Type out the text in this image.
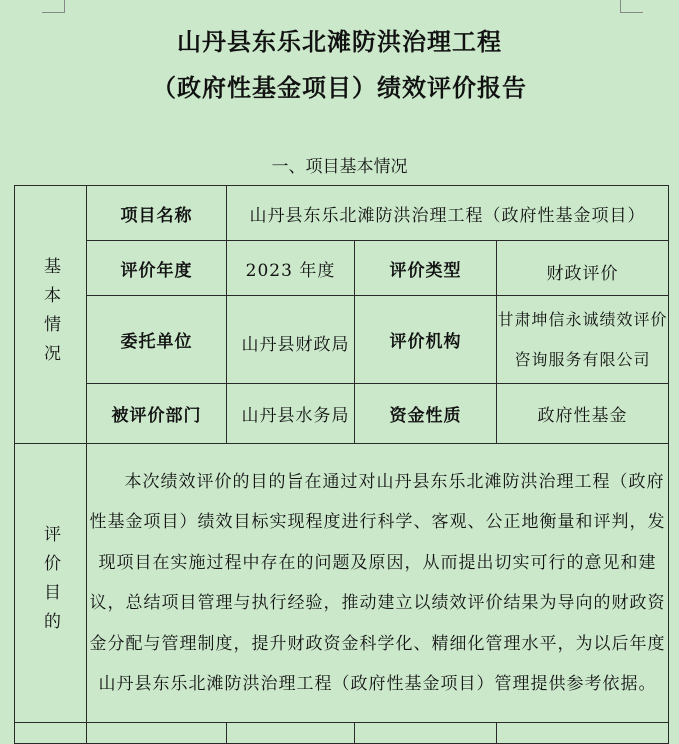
山丹县东乐北滩防洪治理工程
（政府性基金项目）绩效评价报告
一、项目基本情况
基本情况	项目名称	山丹县东乐北滩防洪治理工程（政府性基金项目）		
	评价年度	2023 年度	评价类型	财政评价
	委托单位	山丹县财政局	评价机构	甘肃坤信永诚绩效评价咨询服务有限公司

	被评价部门	山丹县水务局	资金性质	政府性基金
评价目的	本次绩效评价的目的旨在通过对山丹县东乐北滩防洪治理工程（政府性基金项目）绩效目标实现程度进行科学、客观、公正地衡量和评判，发现项目在实施过程中存在的问题及原因，从而提出切实可行的意见和建议，总结项目管理与执行经验，推动建立以绩效评价结果为导向的财政资金分配与管理制度，提升财政资金科学化、精细化管理水平，为以后年度山丹县东乐北滩防洪治理工程（政府性基金项目）管理提供参考依据。			
